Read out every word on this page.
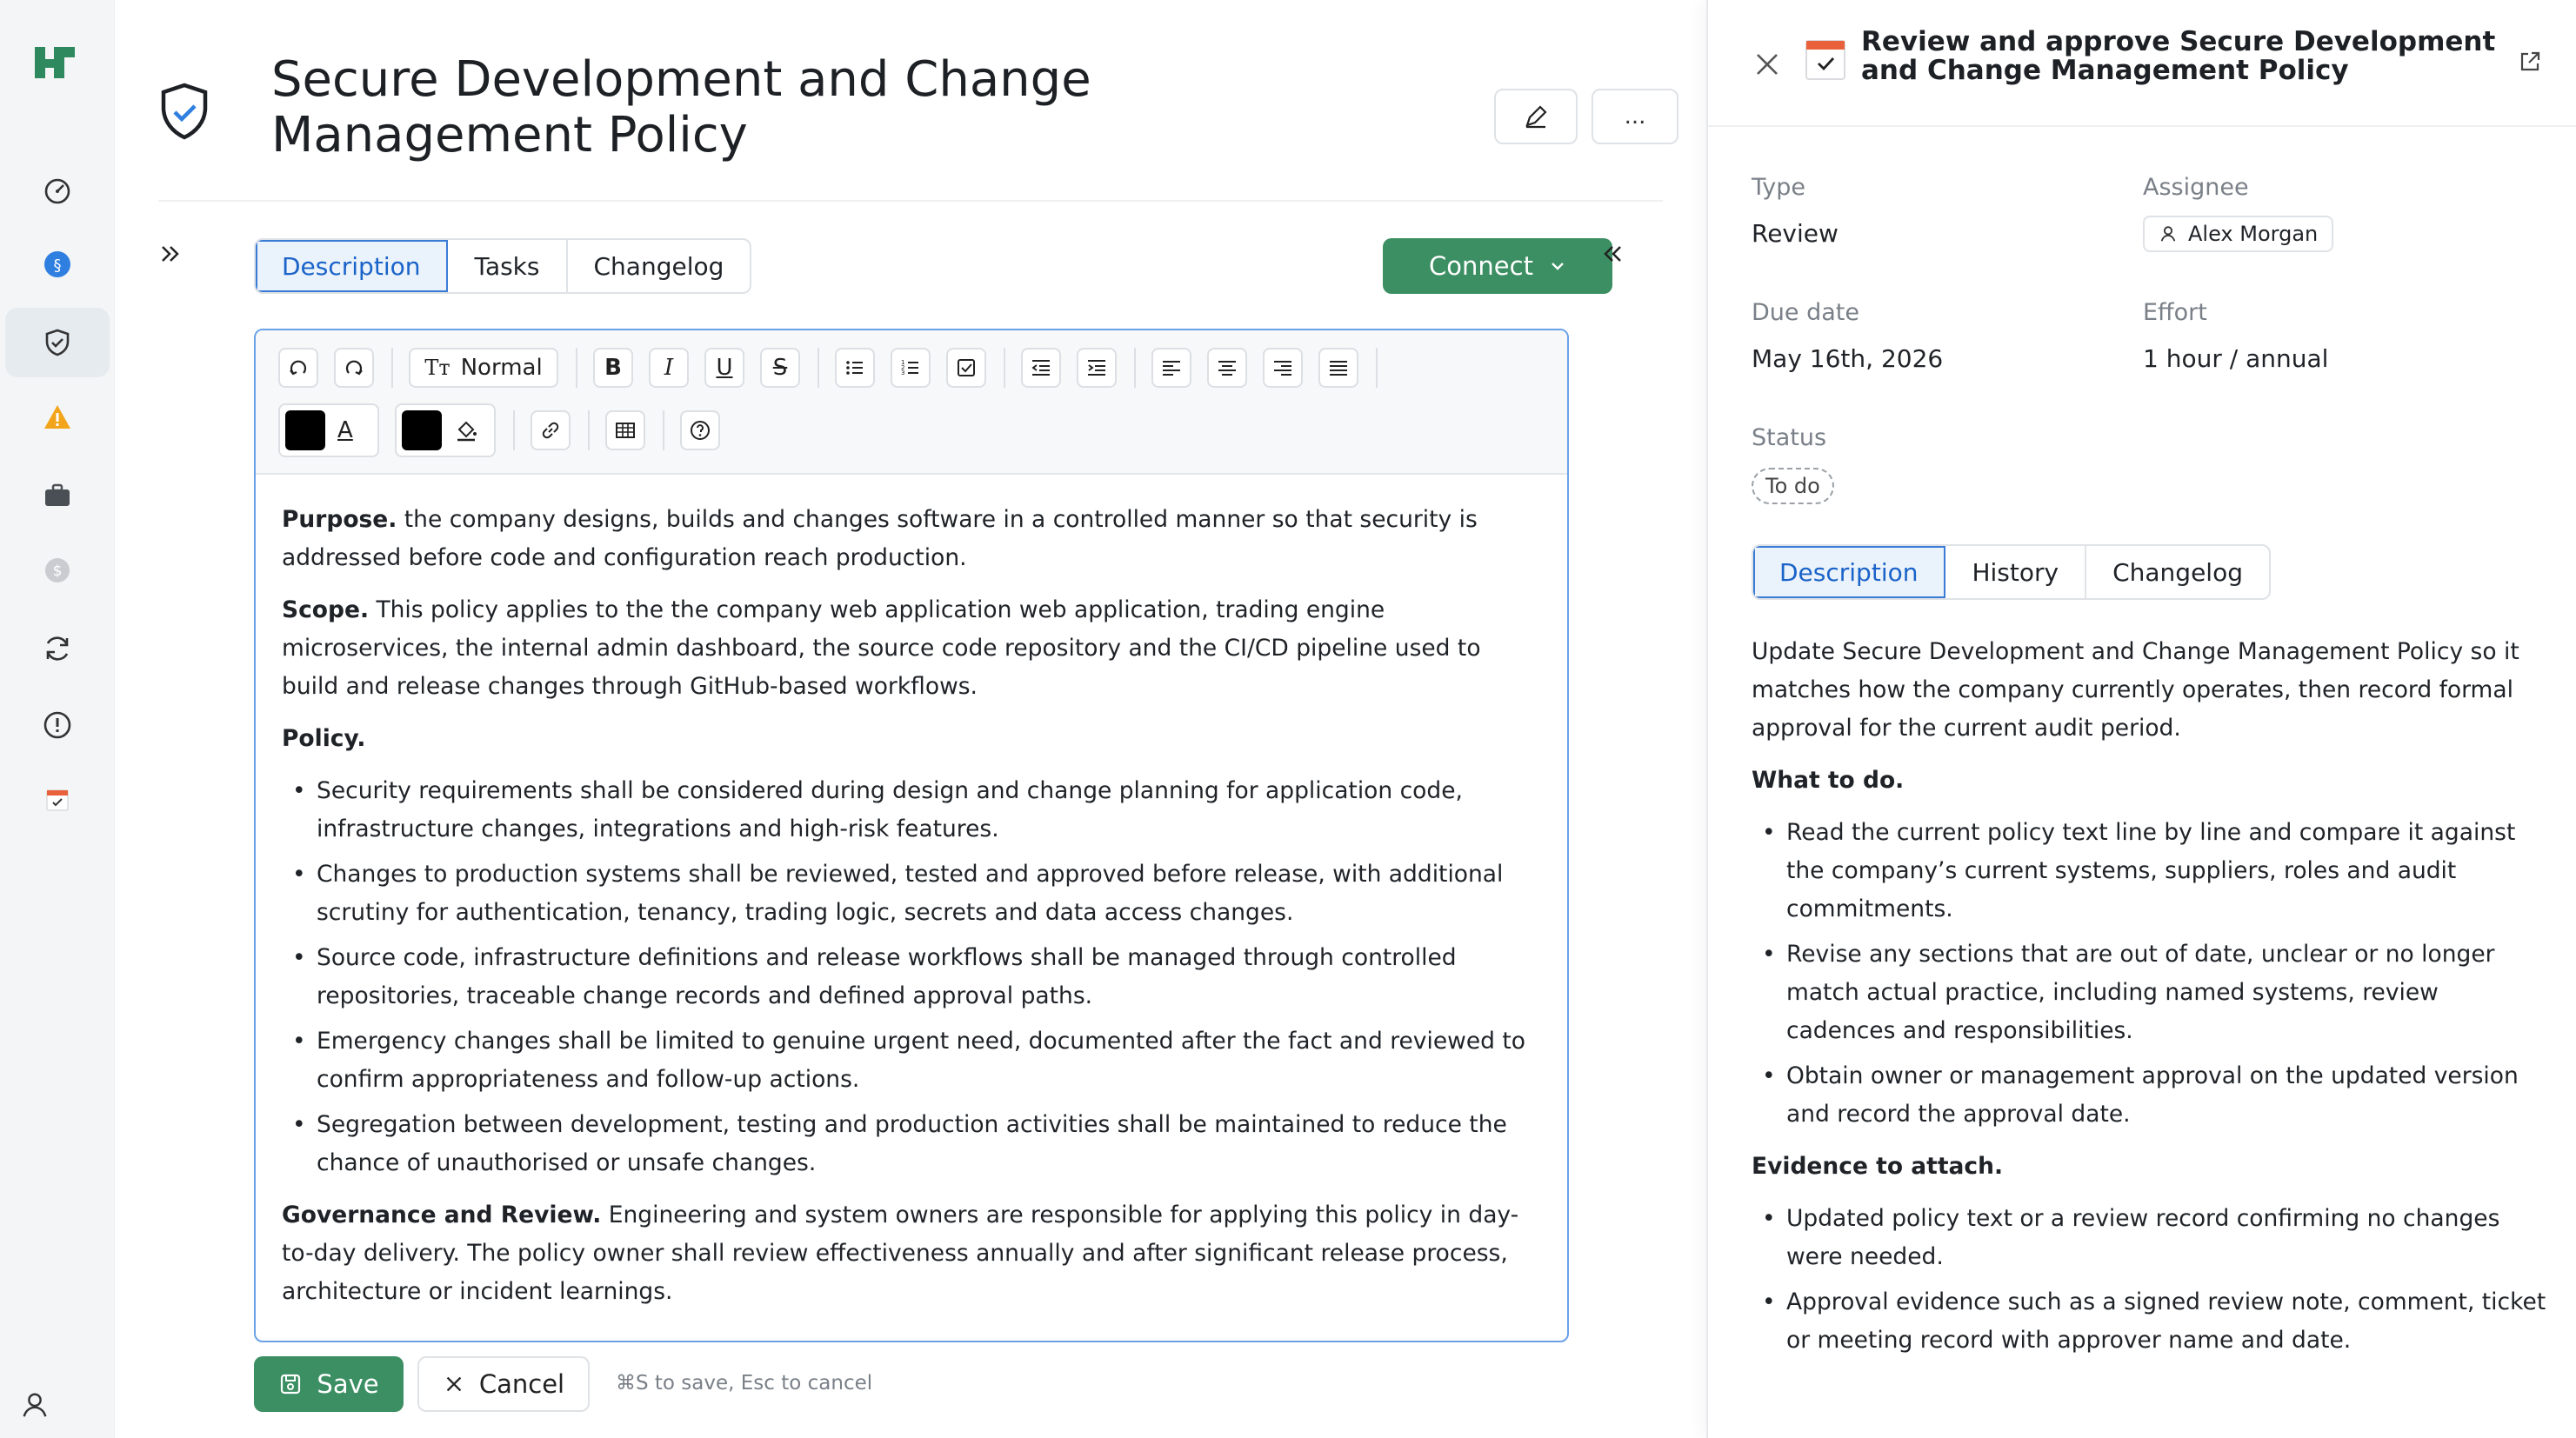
§
$
Secure Development and Change Management Policy	...
Description	Tasks	Changelog	Connect
Tт Normal	B I U S	1
2
3
A

Purpose. the company designs, builds and changes software in a controlled manner so that security is addressed before code and configuration reach production.

Scope. This policy applies to the the company web application web application, trading engine microservices, the internal admin dashboard, the source code repository and the CI/CD pipeline used to build and release changes through GitHub-based workflows.

Policy.

• Security requirements shall be considered during design and change planning for application code, infrastructure changes, integrations and high-risk features.
• Changes to production systems shall be reviewed, tested and approved before release, with additional scrutiny for authentication, tenancy, trading logic, secrets and data access changes.
• Source code, infrastructure definitions and release workflows shall be managed through controlled repositories, traceable change records and defined approval paths.
• Emergency changes shall be limited to genuine urgent need, documented after the fact and reviewed to confirm appropriateness and follow-up actions.
• Segregation between development, testing and production activities shall be maintained to reduce the chance of unauthorised or unsafe changes.

Governance and Review. Engineering and system owners are responsible for applying this policy in day-to-day delivery. The policy owner shall review effectiveness annually and after significant release process, architecture or incident learnings.

Save	Cancel	⌘S to save, Esc to cancel
Review and approve Secure Development and Change Management Policy
Type
Review
Assignee
Alex Morgan
Due date
May 16th, 2026
Effort
1 hour / annual
Status
To do
Description	History	Changelog

Update Secure Development and Change Management Policy so it matches how the company currently operates, then record formal approval for the current audit period.

What to do.

• Read the current policy text line by line and compare it against the company’s current systems, suppliers, roles and audit commitments.
• Revise any sections that are out of date, unclear or no longer match actual practice, including named systems, review cadences and responsibilities.
• Obtain owner or management approval on the updated version and record the approval date.

Evidence to attach.

• Updated policy text or a review record confirming no changes were needed.
• Approval evidence such as a signed review note, comment, ticket or meeting record with approver name and date.
